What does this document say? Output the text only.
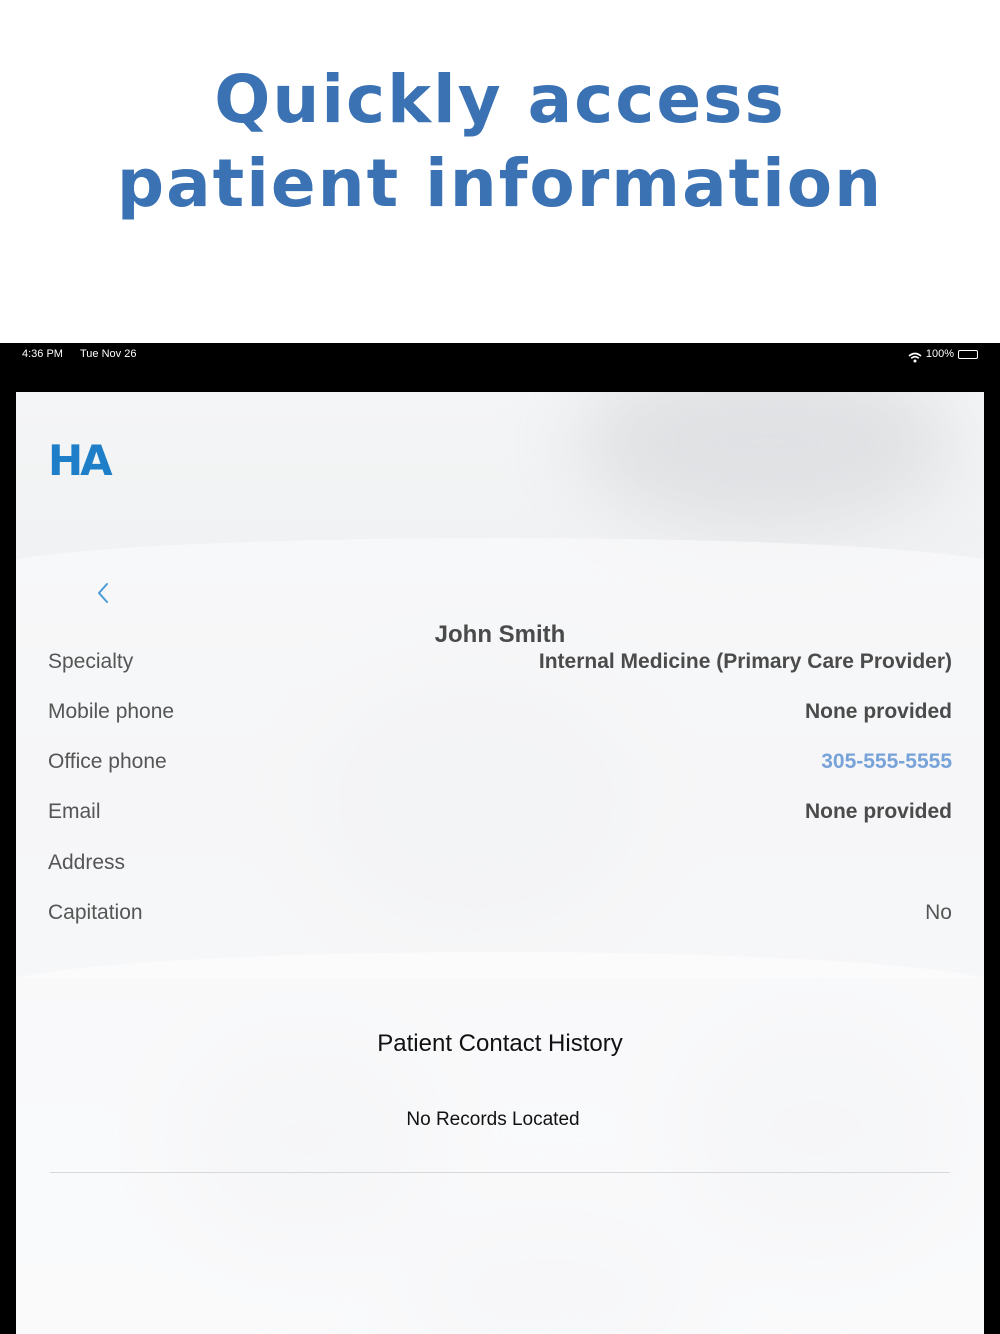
Quickly access
patient information
4:36 PM Tue Nov 26	100%
HA
John Smith
Specialty	Internal Medicine (Primary Care Provider)
Mobile phone	None provided
Office phone	305-555-5555
Email	None provided
Address
Capitation	No
Patient Contact History
No Records Located
